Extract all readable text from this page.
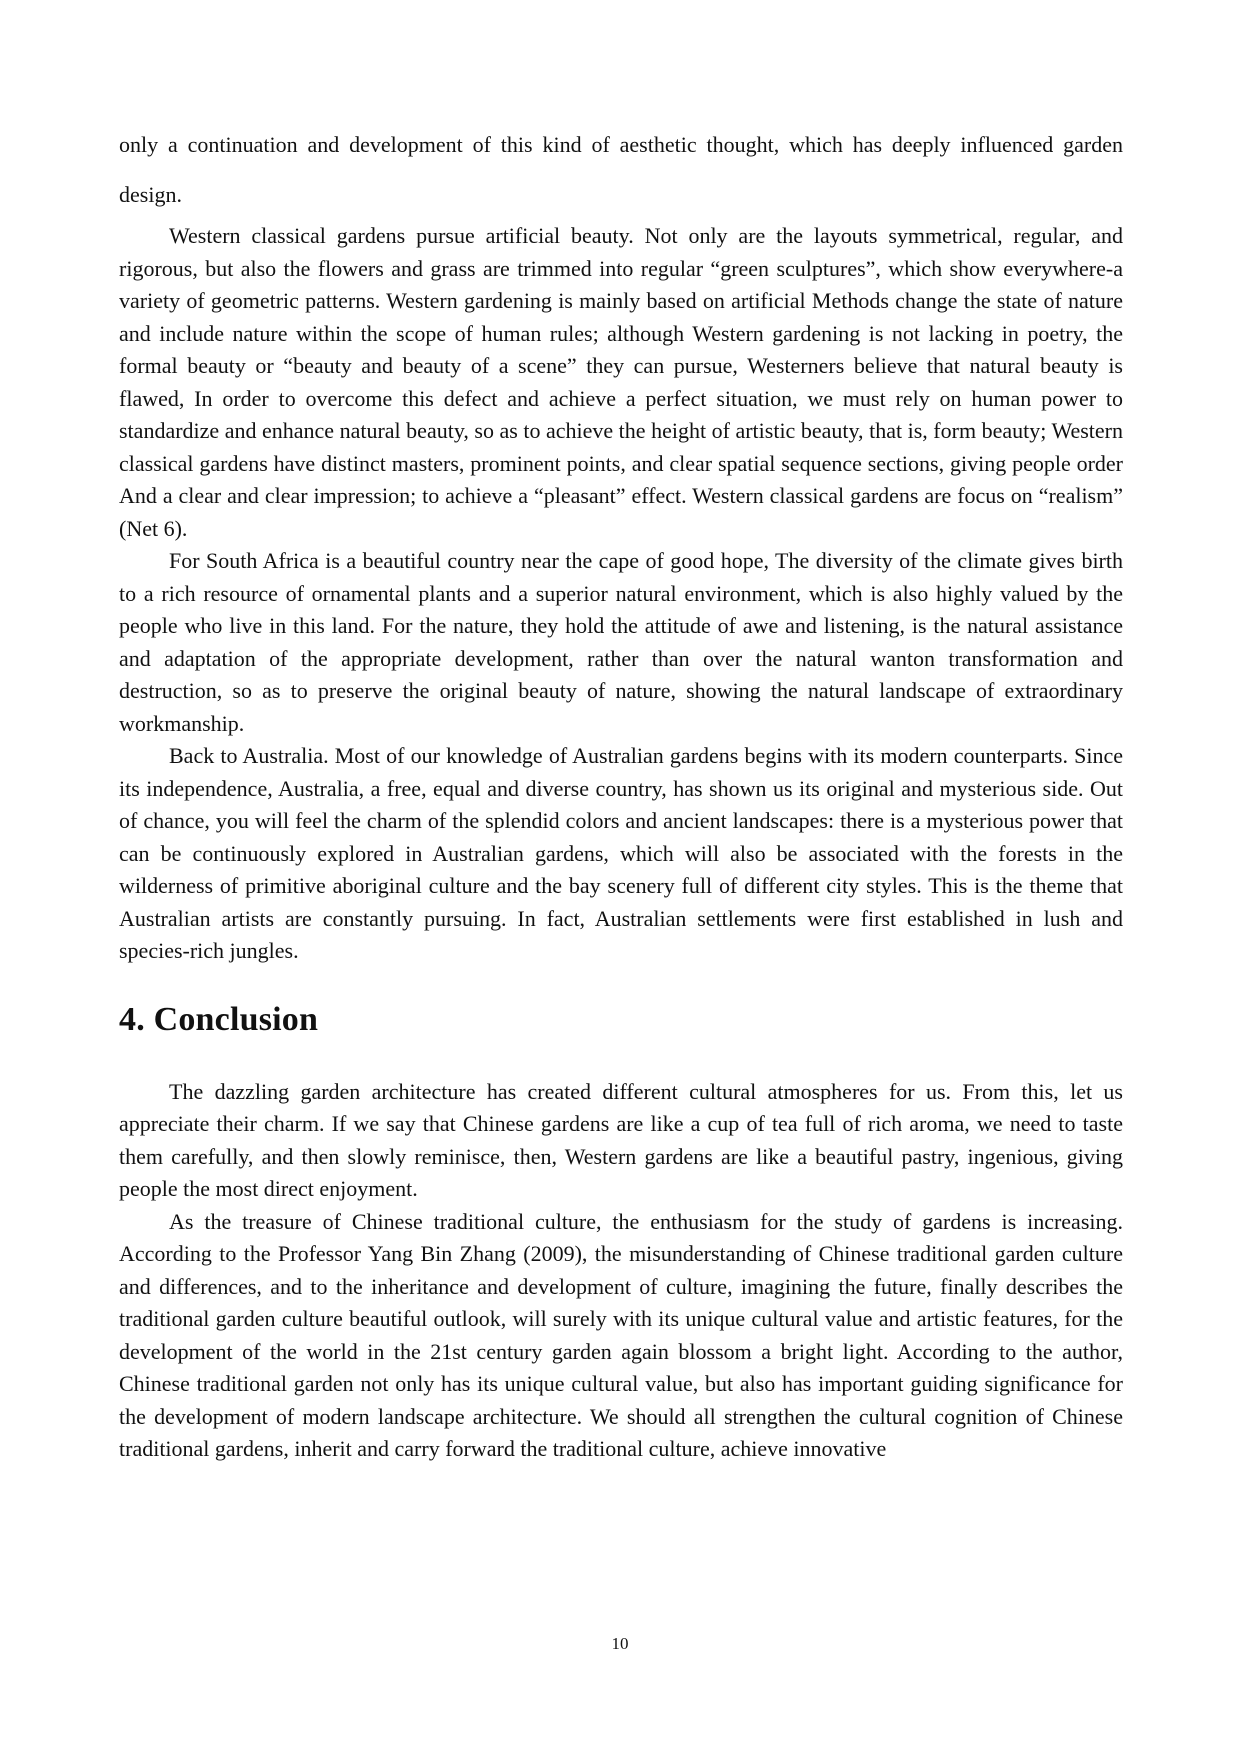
only a continuation and development of this kind of aesthetic thought, which has deeply influenced garden design.

Western classical gardens pursue artificial beauty. Not only are the layouts symmetrical, regular, and rigorous, but also the flowers and grass are trimmed into regular “green sculptures”, which show everywhere-a variety of geometric patterns. Western gardening is mainly based on artificial Methods change the state of nature and include nature within the scope of human rules; although Western gardening is not lacking in poetry, the formal beauty or “beauty and beauty of a scene” they can pursue, Westerners believe that natural beauty is flawed, In order to overcome this defect and achieve a perfect situation, we must rely on human power to standardize and enhance natural beauty, so as to achieve the height of artistic beauty, that is, form beauty; Western classical gardens have distinct masters, prominent points, and clear spatial sequence sections, giving people order And a clear and clear impression; to achieve a “pleasant” effect. Western classical gardens are focus on “realism” (Net 6).

For South Africa is a beautiful country near the cape of good hope, The diversity of the climate gives birth to a rich resource of ornamental plants and a superior natural environment, which is also highly valued by the people who live in this land. For the nature, they hold the attitude of awe and listening, is the natural assistance and adaptation of the appropriate development, rather than over the natural wanton transformation and destruction, so as to preserve the original beauty of nature, showing the natural landscape of extraordinary workmanship.

Back to Australia. Most of our knowledge of Australian gardens begins with its modern counterparts. Since its independence, Australia, a free, equal and diverse country, has shown us its original and mysterious side. Out of chance, you will feel the charm of the splendid colors and ancient landscapes: there is a mysterious power that can be continuously explored in Australian gardens, which will also be associated with the forests in the wilderness of primitive aboriginal culture and the bay scenery full of different city styles. This is the theme that Australian artists are constantly pursuing. In fact, Australian settlements were first established in lush and species-rich jungles.

4. Conclusion

The dazzling garden architecture has created different cultural atmospheres for us. From this, let us appreciate their charm. If we say that Chinese gardens are like a cup of tea full of rich aroma, we need to taste them carefully, and then slowly reminisce, then, Western gardens are like a beautiful pastry, ingenious, giving people the most direct enjoyment.

As the treasure of Chinese traditional culture, the enthusiasm for the study of gardens is increasing. According to the Professor Yang Bin Zhang (2009), the misunderstanding of Chinese traditional garden culture and differences, and to the inheritance and development of culture, imagining the future, finally describes the traditional garden culture beautiful outlook, will surely with its unique cultural value and artistic features, for the development of the world in the 21st century garden again blossom a bright light. According to the author, Chinese traditional garden not only has its unique cultural value, but also has important guiding significance for the development of modern landscape architecture. We should all strengthen the cultural cognition of Chinese traditional gardens, inherit and carry forward the traditional culture, achieve innovative

10
